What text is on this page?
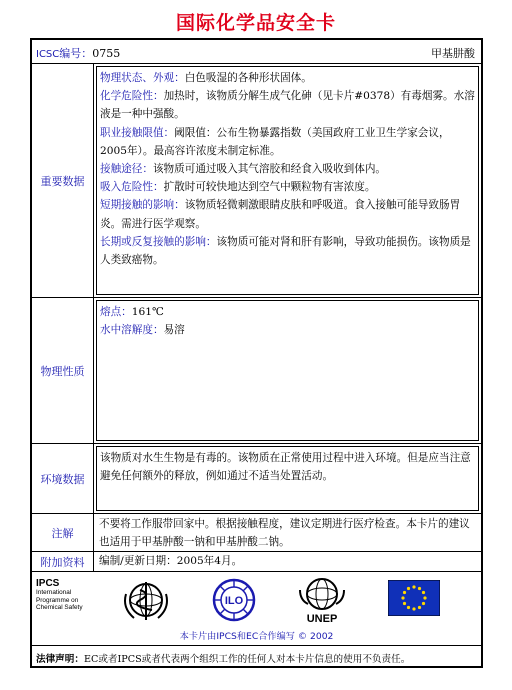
国际化学品安全卡
ICSC编号：0755	甲基肼酸
重要数据
物理状态、外观：白色吸湿的各种形状固体。
化学危险性：加热时，该物质分解生成气化砷（见卡片#0378）有毒烟雾。水溶液是一种中强酸。
职业接触限值：阈限值：公布生物暴露指数（美国政府工业卫生学家会议，2005年）。最高容许浓度未制定标准。
接触途径：该物质可通过吸入其气溶胶和经食入吸收到体内。
吸入危险性：扩散时可较快地达到空气中颗粒物有害浓度。
短期接触的影响：该物质轻微刺激眼睛皮肤和呼吸道。食入接触可能导致肠胃炎。需进行医学观察。
长期或反复接触的影响：该物质可能对肾和肝有影响，导致功能损伤。该物质是人类致癌物。
物理性质
熔点：161℃
水中溶解度：易溶
环境数据
该物质对水生生物是有毒的。该物质在正常使用过程中进入环境。但是应当注意避免任何额外的释放，例如通过不适当处置活动。
注解
不要将工作服带回家中。根据接触程度，建议定期进行医疗检查。本卡片的建议也适用于甲基肿酸一钠和甲基肿酸二钠。
附加资料	编制/更新日期：2005年4月。
IPCS
International
Programme on
Chemical Safety
ILO
UNEP
本卡片由IPCS和EC合作编写 © 2002
法律声明：EC或者IPCS或者代表两个组织工作的任何人对本卡片信息的使用不负责任。
